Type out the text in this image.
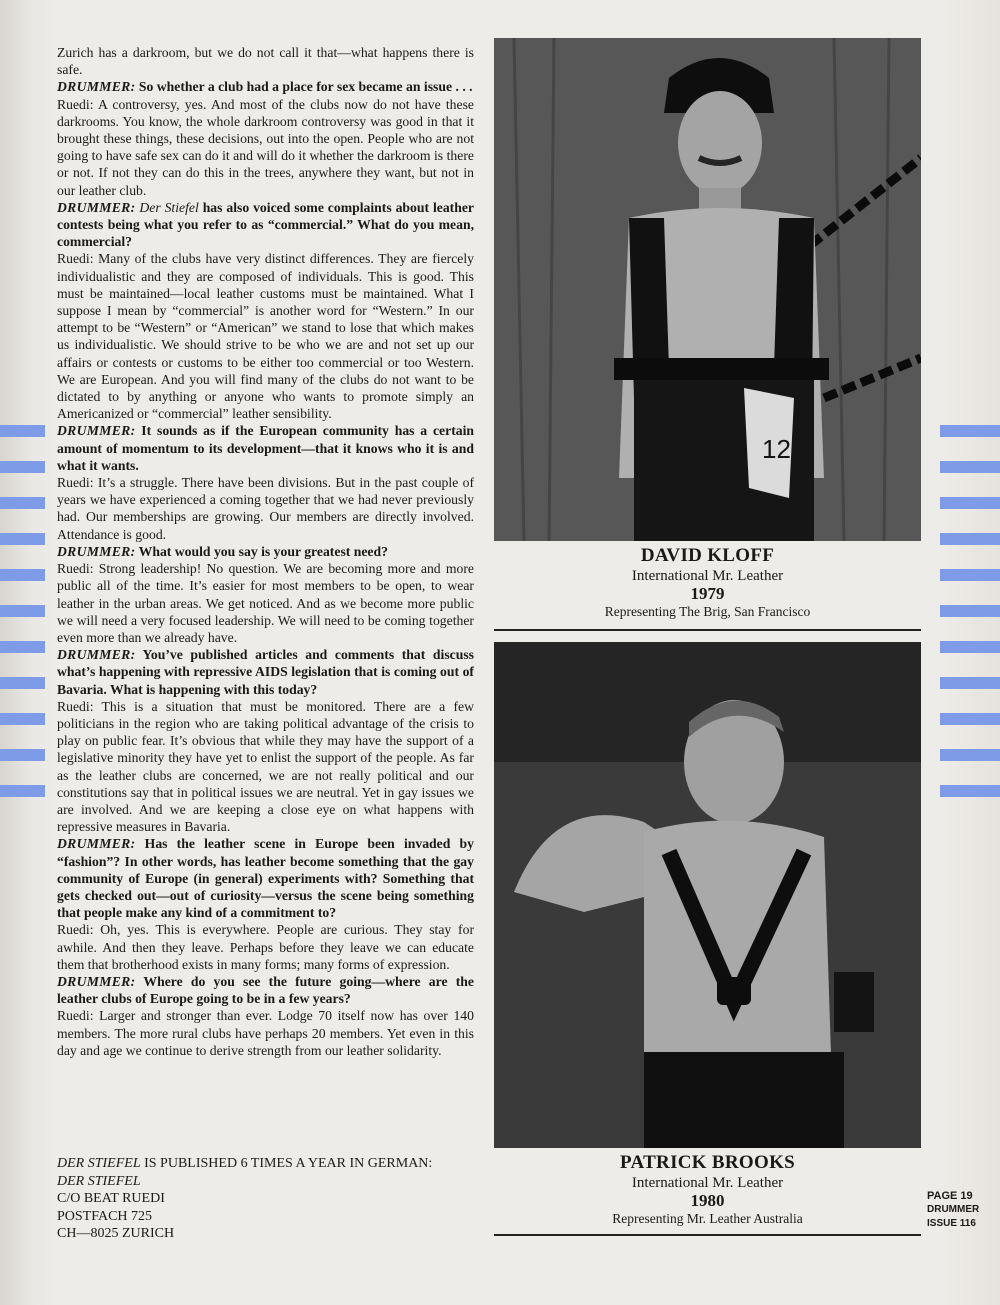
Zurich has a darkroom, but we do not call it that—what happens there is safe.

DRUMMER: So whether a club had a place for sex became an issue . . .

Ruedi: A controversy, yes. And most of the clubs now do not have these darkrooms. You know, the whole darkroom controversy was good in that it brought these things, these decisions, out into the open. People who are not going to have safe sex can do it and will do it whether the darkroom is there or not. If not they can do this in the trees, anywhere they want, but not in our leather club.

DRUMMER: Der Stiefel has also voiced some complaints about leather contests being what you refer to as “commercial.” What do you mean, commercial?

Ruedi: Many of the clubs have very distinct differences. They are fiercely individualistic and they are composed of individuals. This is good. This must be maintained—local leather customs must be maintained. What I suppose I mean by “commercial” is another word for “Western.” In our attempt to be “Western” or “American” we stand to lose that which makes us individualistic. We should strive to be who we are and not set up our affairs or contests or customs to be either too commercial or too Western. We are European. And you will find many of the clubs do not want to be dictated to by anything or anyone who wants to promote simply an Americanized or “commercial” leather sensibility.

DRUMMER: It sounds as if the European community has a certain amount of momentum to its development—that it knows who it is and what it wants.

Ruedi: It’s a struggle. There have been divisions. But in the past couple of years we have experienced a coming together that we had never previously had. Our memberships are growing. Our members are directly involved. Attendance is good.

DRUMMER: What would you say is your greatest need?

Ruedi: Strong leadership! No question. We are becoming more and more public all of the time. It’s easier for most members to be open, to wear leather in the urban areas. We get noticed. And as we become more public we will need a very focused leadership. We will need to be coming together even more than we already have.

DRUMMER: You’ve published articles and comments that discuss what’s happening with repressive AIDS legislation that is coming out of Bavaria. What is happening with this today?

Ruedi: This is a situation that must be monitored. There are a few politicians in the region who are taking political advantage of the crisis to play on public fear. It’s obvious that while they may have the support of a legislative minority they have yet to enlist the support of the people. As far as the leather clubs are concerned, we are not really political and our constitutions say that in political issues we are neutral. Yet in gay issues we are involved. And we are keeping a close eye on what happens with repressive measures in Bavaria.

DRUMMER: Has the leather scene in Europe been invaded by “fashion”? In other words, has leather become something that the gay community of Europe (in general) experiments with? Something that gets checked out—out of curiosity—versus the scene being something that people make any kind of a commitment to?

Ruedi: Oh, yes. This is everywhere. People are curious. They stay for awhile. And then they leave. Perhaps before they leave we can educate them that brotherhood exists in many forms; many forms of expression.

DRUMMER: Where do you see the future going—where are the leather clubs of Europe going to be in a few years?

Ruedi: Larger and stronger than ever. Lodge 70 itself now has over 140 members. The more rural clubs have perhaps 20 members. Yet even in this day and age we continue to derive strength from our leather solidarity.

DER STIEFEL IS PUBLISHED 6 TIMES A YEAR IN GERMAN:
DER STIEFEL
C/O BEAT RUEDI
POSTFACH 725
CH—8025 ZURICH
12
DAVID KLOFF
International Mr. Leather
1979
Representing The Brig, San Francisco
PATRICK BROOKS
International Mr. Leather
1980
Representing Mr. Leather Australia
PAGE 19
DRUMMER
ISSUE 116
